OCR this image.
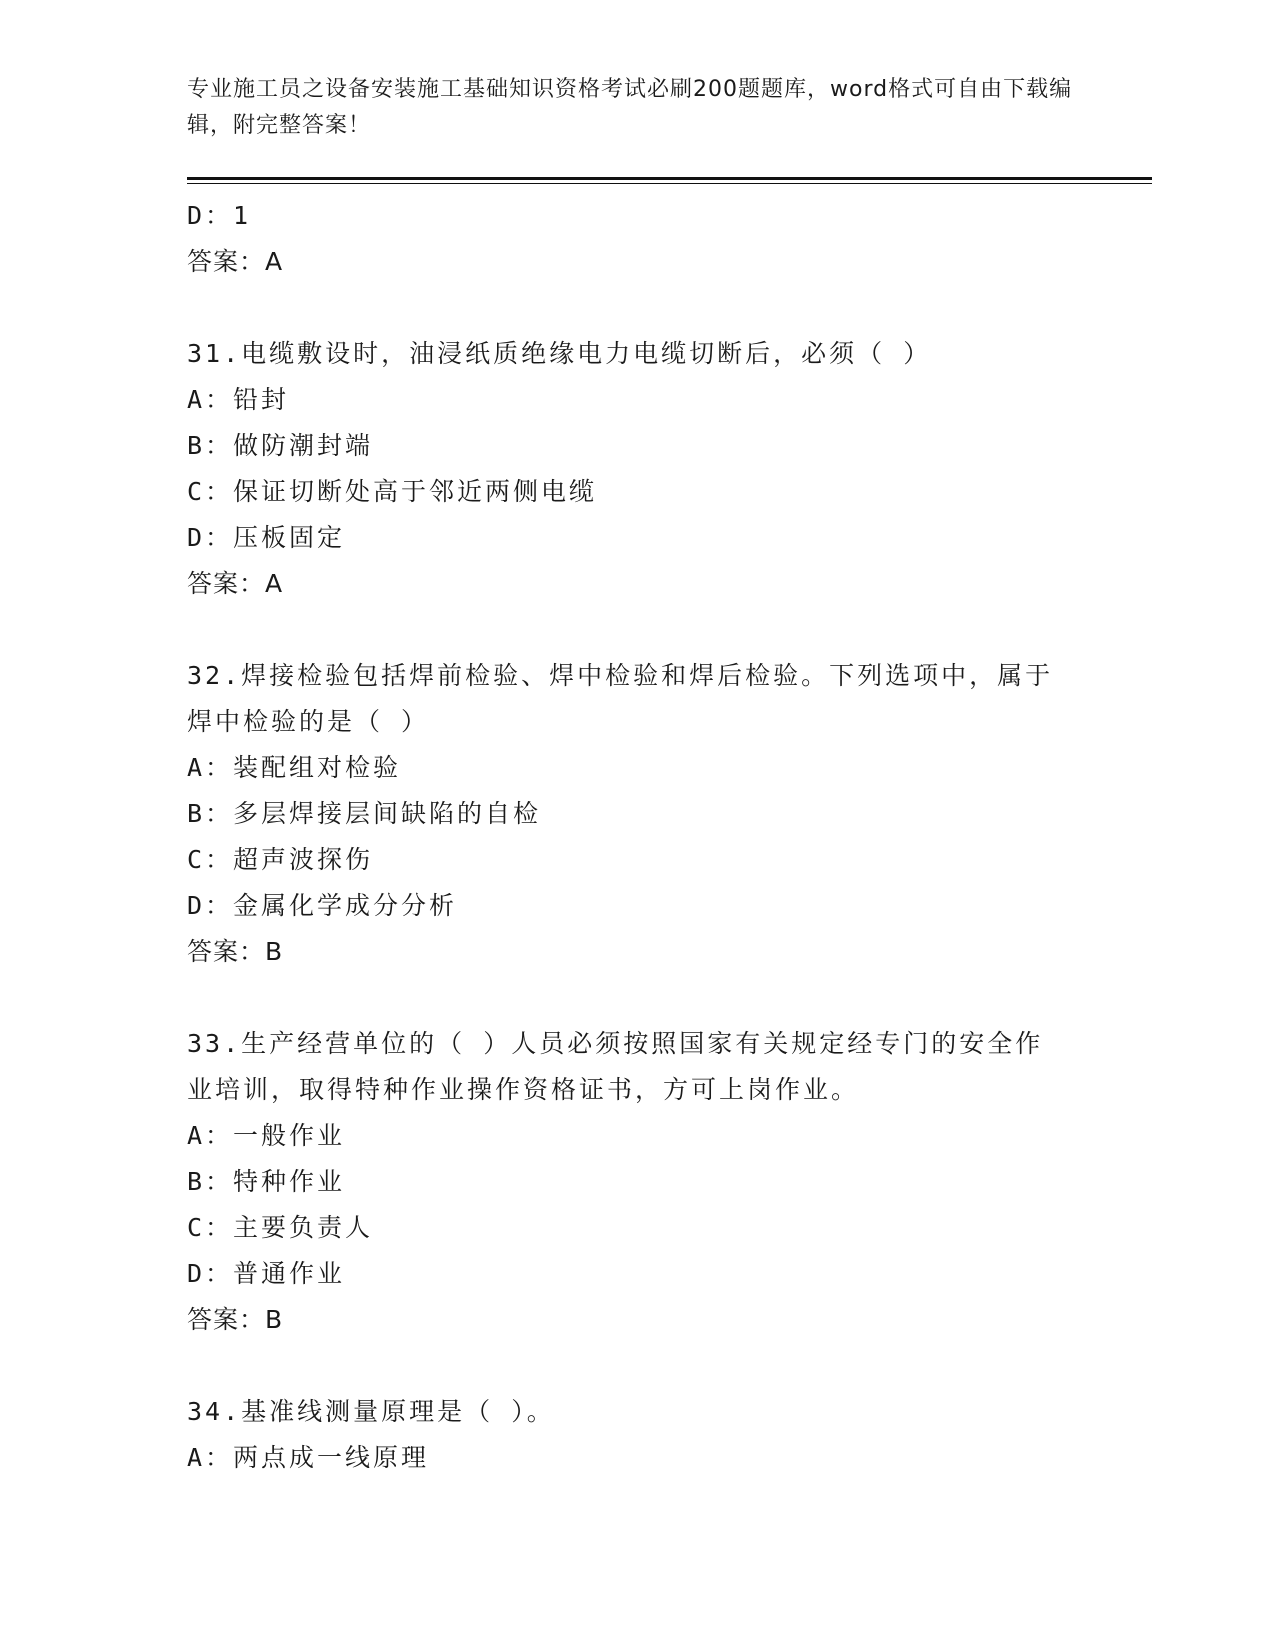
专业施工员之设备安装施工基础知识资格考试必刷200题题库，word格式可自由下载编辑，附完整答案！
D：1
答案：A
31.电缆敷设时，油浸纸质绝缘电力电缆切断后，必须（ ）
A：铅封
B：做防潮封端
C：保证切断处高于邻近两侧电缆
D：压板固定
答案：A
32.焊接检验包括焊前检验、焊中检验和焊后检验。下列选项中，属于焊中检验的是（ ）
A：装配组对检验
B：多层焊接层间缺陷的自检
C：超声波探伤
D：金属化学成分分析
答案：B
33.生产经营单位的（ ）人员必须按照国家有关规定经专门的安全作业培训，取得特种作业操作资格证书，方可上岗作业。
A：一般作业
B：特种作业
C：主要负责人
D：普通作业
答案：B
34.基准线测量原理是（ ）。
A：两点成一线原理
